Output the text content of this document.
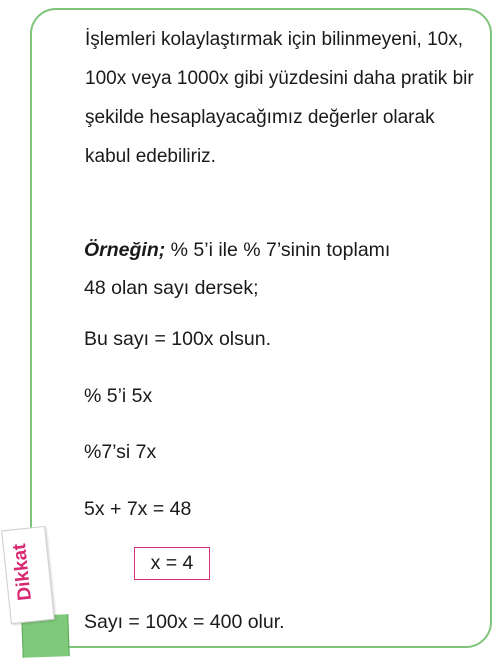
İşlemleri kolaylaştırmak için bilinmeyeni, 10x, 100x veya 1000x gibi yüzdesini daha pratik bir şekilde hesaplayacağımız değerler olarak kabul edebiliriz.

Örneğin; % 5’i ile % 7’sinin toplamı

48 olan sayı dersek;

Bu sayı = 100x olsun.

% 5’i 5x

%7’si 7x

5x + 7x = 48

x = 4

Sayı = 100x = 400 olur.

Dikkat
